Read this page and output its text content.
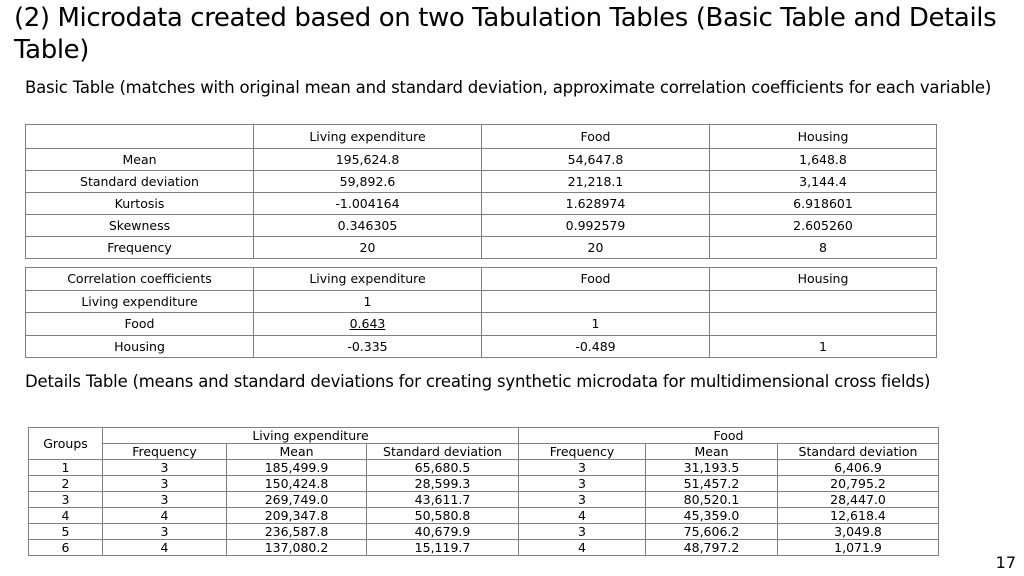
(2) Microdata created based on two Tabulation Tables (Basic Table and Details Table)
Basic Table (matches with original mean and standard deviation, approximate correlation coefficients for each variable)
	Living expenditure	Food	Housing
Mean	195,624.8	54,647.8	1,648.8
Standard deviation	59,892.6	21,218.1	3,144.4
Kurtosis	-1.004164	1.628974	6.918601
Skewness	0.346305	0.992579	2.605260
Frequency	20	20	8
Correlation coefficients	Living expenditure	Food	Housing
Living expenditure	1		
Food	0.643	1	
Housing	-0.335	-0.489	1
Details Table (means and standard deviations for creating synthetic microdata for multidimensional cross fields)
Groups	Living expenditure			Food		
	Frequency	Mean	Standard deviation	Frequency	Mean	Standard deviation
1	3	185,499.9	65,680.5	3	31,193.5	6,406.9
2	3	150,424.8	28,599.3	3	51,457.2	20,795.2
3	3	269,749.0	43,611.7	3	80,520.1	28,447.0
4	4	209,347.8	50,580.8	4	45,359.0	12,618.4
5	3	236,587.8	40,679.9	3	75,606.2	3,049.8
6	4	137,080.2	15,119.7	4	48,797.2	1,071.9
17
